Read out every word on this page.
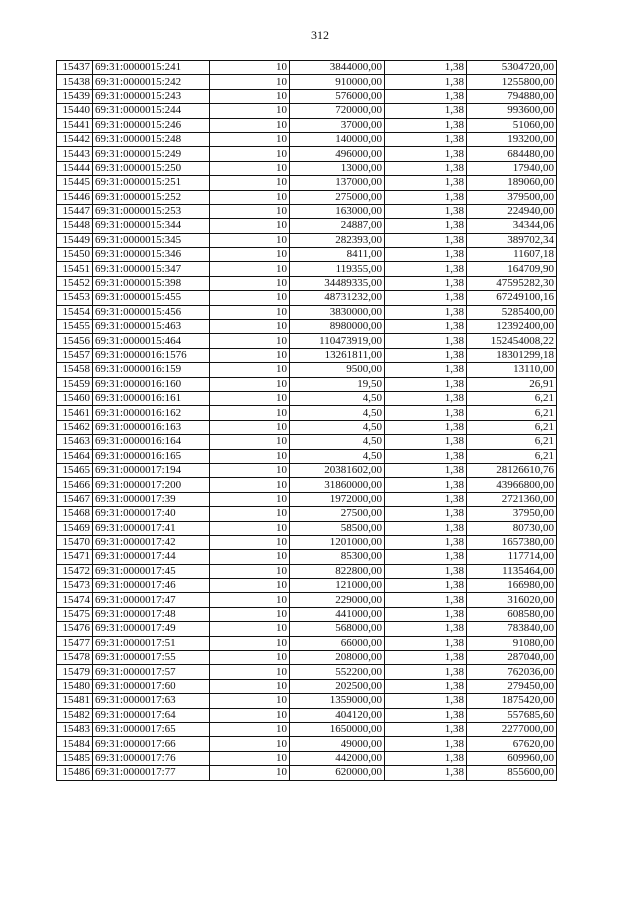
312
15437	69:31:0000015:241	10	3844000,00	1,38	5304720,00
15438	69:31:0000015:242	10	910000,00	1,38	1255800,00
15439	69:31:0000015:243	10	576000,00	1,38	794880,00
15440	69:31:0000015:244	10	720000,00	1,38	993600,00
15441	69:31:0000015:246	10	37000,00	1,38	51060,00
15442	69:31:0000015:248	10	140000,00	1,38	193200,00
15443	69:31:0000015:249	10	496000,00	1,38	684480,00
15444	69:31:0000015:250	10	13000,00	1,38	17940,00
15445	69:31:0000015:251	10	137000,00	1,38	189060,00
15446	69:31:0000015:252	10	275000,00	1,38	379500,00
15447	69:31:0000015:253	10	163000,00	1,38	224940,00
15448	69:31:0000015:344	10	24887,00	1,38	34344,06
15449	69:31:0000015:345	10	282393,00	1,38	389702,34
15450	69:31:0000015:346	10	8411,00	1,38	11607,18
15451	69:31:0000015:347	10	119355,00	1,38	164709,90
15452	69:31:0000015:398	10	34489335,00	1,38	47595282,30
15453	69:31:0000015:455	10	48731232,00	1,38	67249100,16
15454	69:31:0000015:456	10	3830000,00	1,38	5285400,00
15455	69:31:0000015:463	10	8980000,00	1,38	12392400,00
15456	69:31:0000015:464	10	110473919,00	1,38	152454008,22
15457	69:31:0000016:1576	10	13261811,00	1,38	18301299,18
15458	69:31:0000016:159	10	9500,00	1,38	13110,00
15459	69:31:0000016:160	10	19,50	1,38	26,91
15460	69:31:0000016:161	10	4,50	1,38	6,21
15461	69:31:0000016:162	10	4,50	1,38	6,21
15462	69:31:0000016:163	10	4,50	1,38	6,21
15463	69:31:0000016:164	10	4,50	1,38	6,21
15464	69:31:0000016:165	10	4,50	1,38	6,21
15465	69:31:0000017:194	10	20381602,00	1,38	28126610,76
15466	69:31:0000017:200	10	31860000,00	1,38	43966800,00
15467	69:31:0000017:39	10	1972000,00	1,38	2721360,00
15468	69:31:0000017:40	10	27500,00	1,38	37950,00
15469	69:31:0000017:41	10	58500,00	1,38	80730,00
15470	69:31:0000017:42	10	1201000,00	1,38	1657380,00
15471	69:31:0000017:44	10	85300,00	1,38	117714,00
15472	69:31:0000017:45	10	822800,00	1,38	1135464,00
15473	69:31:0000017:46	10	121000,00	1,38	166980,00
15474	69:31:0000017:47	10	229000,00	1,38	316020,00
15475	69:31:0000017:48	10	441000,00	1,38	608580,00
15476	69:31:0000017:49	10	568000,00	1,38	783840,00
15477	69:31:0000017:51	10	66000,00	1,38	91080,00
15478	69:31:0000017:55	10	208000,00	1,38	287040,00
15479	69:31:0000017:57	10	552200,00	1,38	762036,00
15480	69:31:0000017:60	10	202500,00	1,38	279450,00
15481	69:31:0000017:63	10	1359000,00	1,38	1875420,00
15482	69:31:0000017:64	10	404120,00	1,38	557685,60
15483	69:31:0000017:65	10	1650000,00	1,38	2277000,00
15484	69:31:0000017:66	10	49000,00	1,38	67620,00
15485	69:31:0000017:76	10	442000,00	1,38	609960,00
15486	69:31:0000017:77	10	620000,00	1,38	855600,00
